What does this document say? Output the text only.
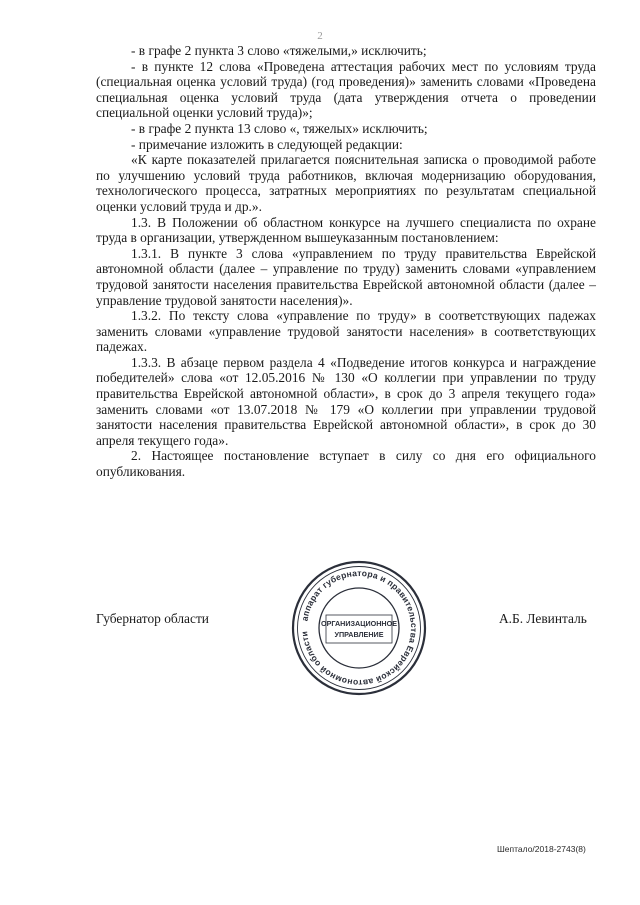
2

- в графе 2 пункта 3 слово «тяжелыми,» исключить;

- в пункте 12 слова «Проведена аттестация рабочих мест по условиям труда (специальная оценка условий труда) (год проведения)» заменить словами «Проведена специальная оценка условий труда (дата утверждения отчета о проведении специальной оценки условий труда)»;

- в графе 2 пункта 13 слово «, тяжелых» исключить;

- примечание изложить в следующей редакции:

«К карте показателей прилагается пояснительная записка о проводимой работе по улучшению условий труда работников, включая модернизацию оборудования, технологического процесса, затратных мероприятиях по результатам специальной оценки условий труда и др.».

1.3. В Положении об областном конкурсе на лучшего специалиста по охране труда в организации, утвержденном вышеуказанным постановлением:

1.3.1. В пункте 3 слова «управлением по труду правительства Еврейской автономной области (далее – управление по труду) заменить словами «управлением трудовой занятости населения правительства Еврейской автономной области (далее – управление трудовой занятости населения)».

1.3.2. По тексту слова «управление по труду» в соответствующих падежах заменить словами «управление трудовой занятости населения» в соответствующих падежах.

1.3.3. В абзаце первом раздела 4 «Подведение итогов конкурса и награждение победителей» слова «от 12.05.2016 № 130 «О коллегии при управлении по труду правительства Еврейской автономной области», в срок до 3 апреля текущего года» заменить словами «от 13.07.2018 № 179 «О коллегии при управлении трудовой занятости населения правительства Еврейской автономной области», в срок до 30 апреля текущего года».

2. Настоящее постановление вступает в силу со дня его официального опубликования.

Губернатор области	аппарат губернатора и правительства Еврейской автономной области
ОРГАНИЗАЦИОННОЕ
УПРАВЛЕНИЕ
А.Б. Левинталь
Шептало/2018-2743(8)
